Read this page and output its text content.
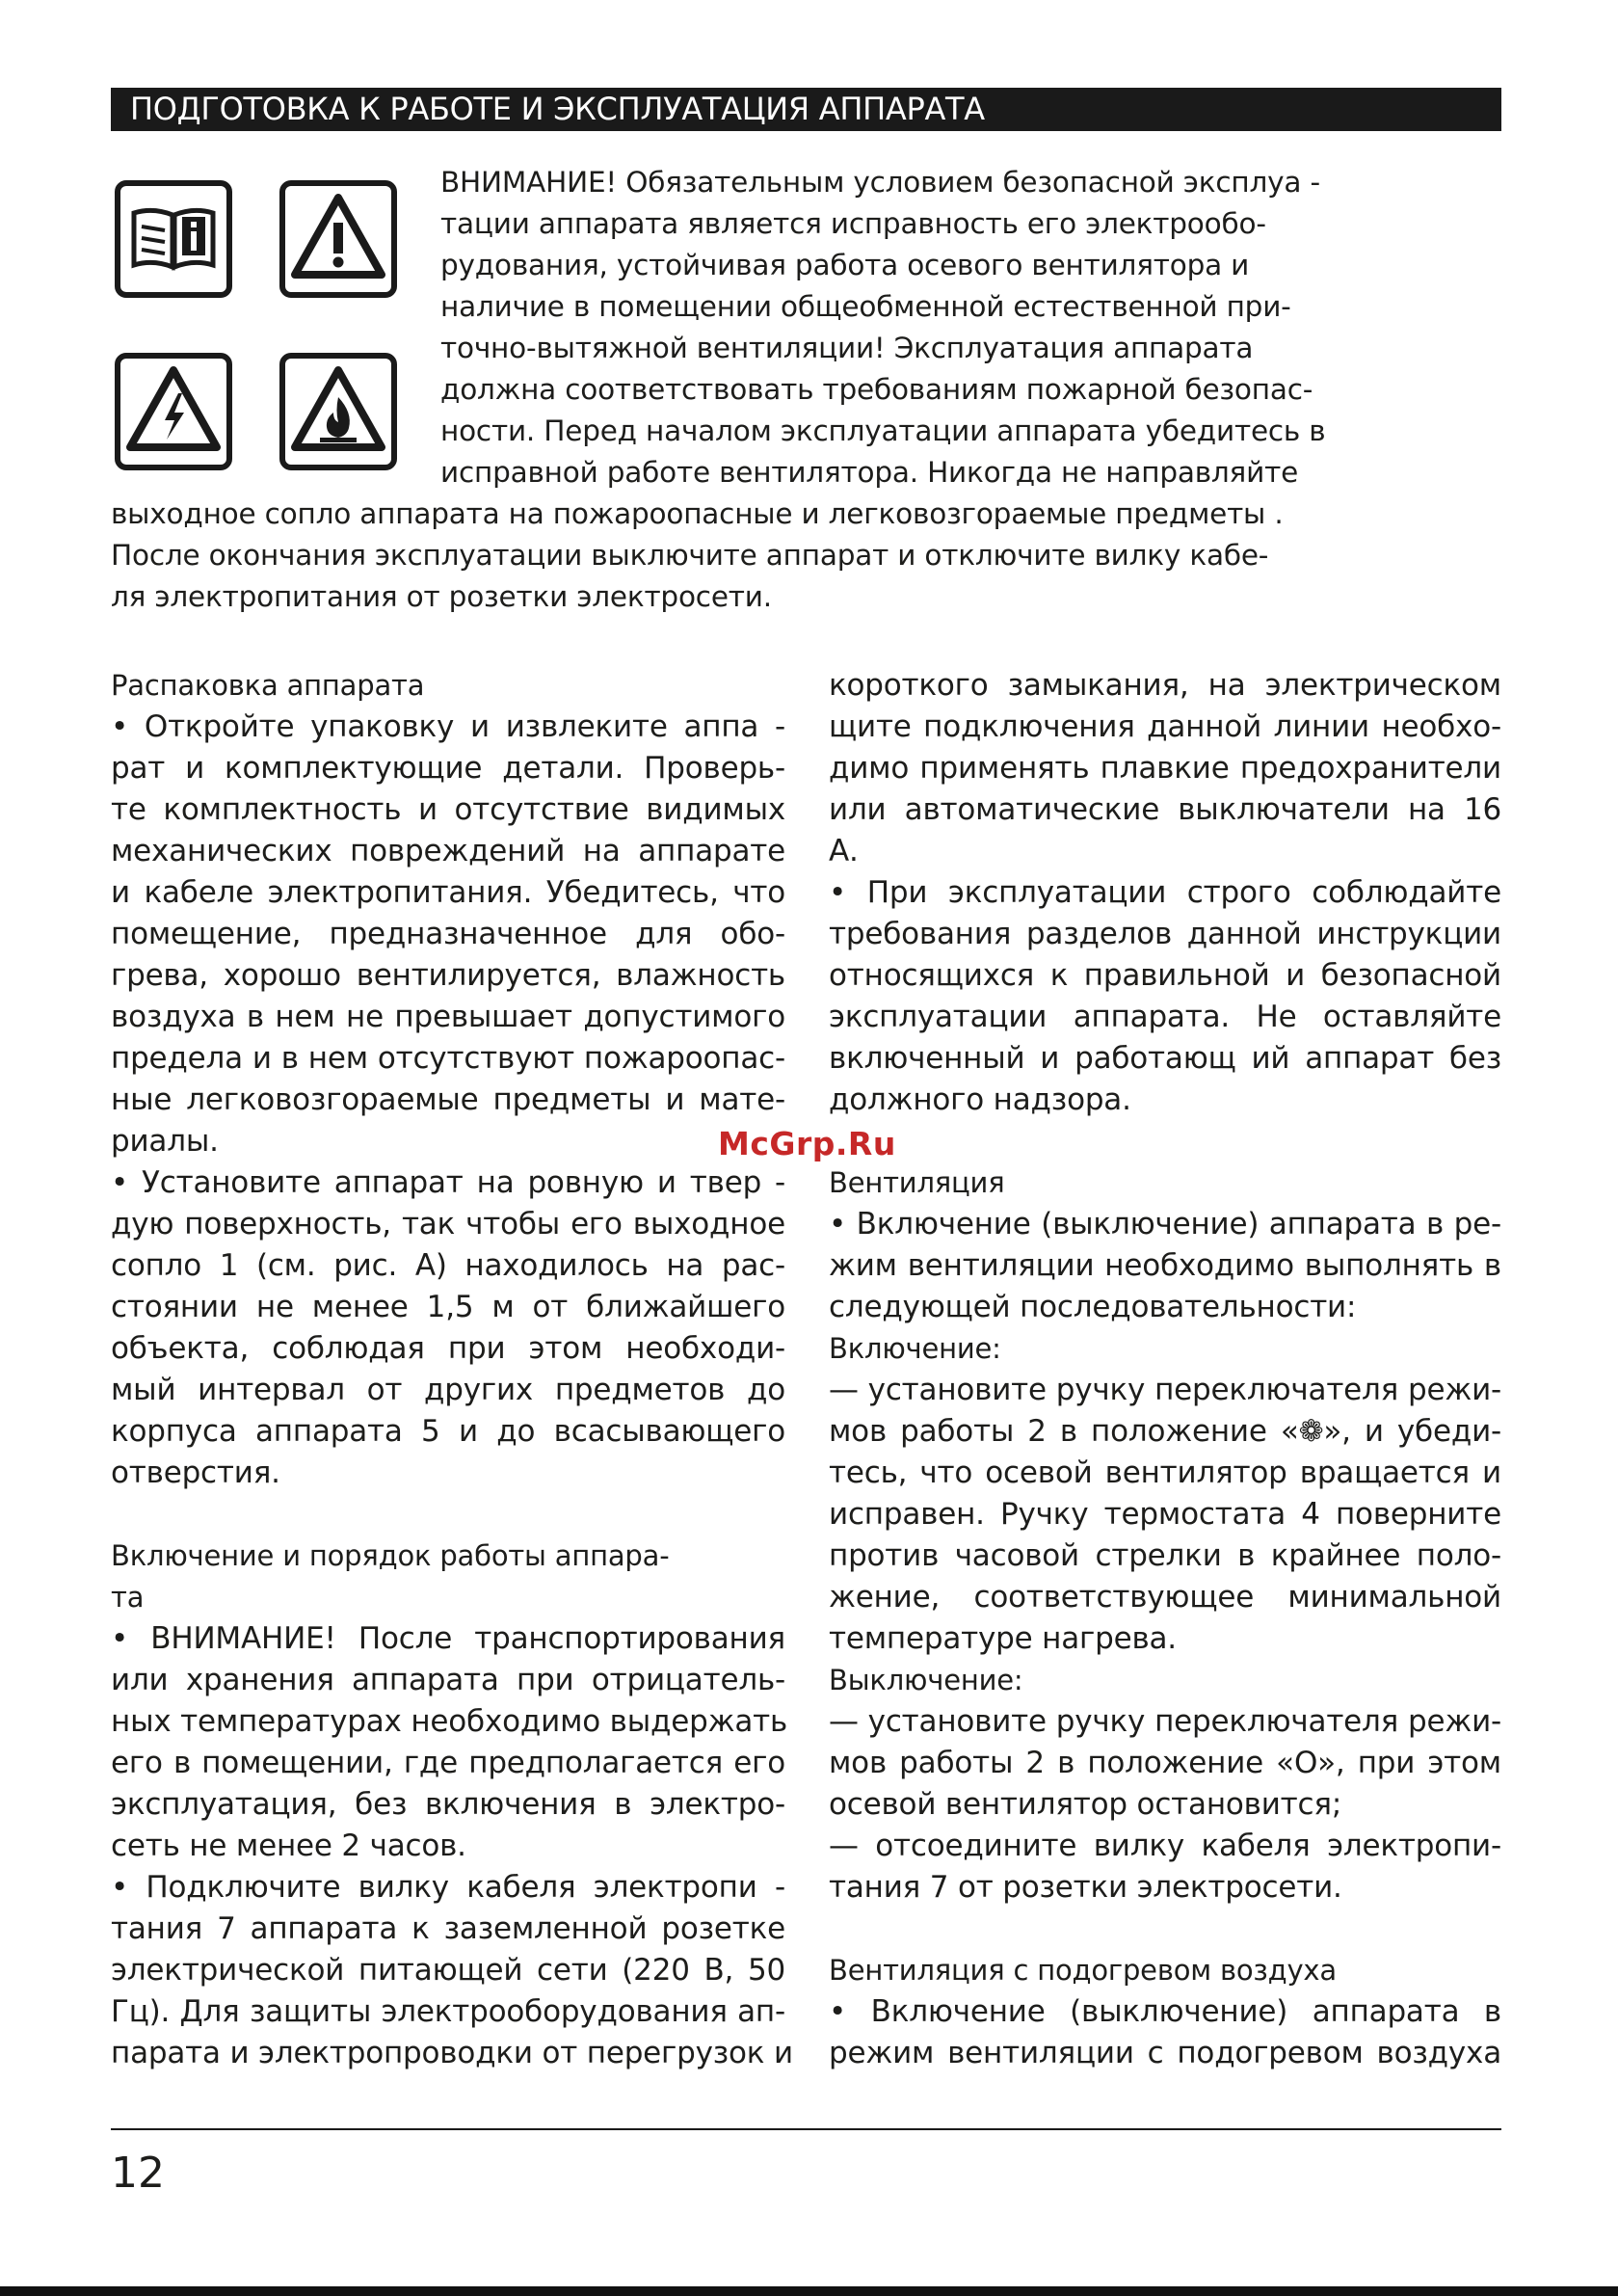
ПОДГОТОВКА К РАБОТЕ И ЭКСПЛУАТАЦИЯ АППАРАТА
ВНИМАНИЕ! Обязательным условием безопасной эксплуа -
тации аппарата является исправность его электрообо-
рудования, устойчивая работа осевого вентилятора и
наличие в помещении общеобменной естественной при-
точно-вытяжной вентиляции! Эксплуатация аппарата
должна соответствовать требованиям пожарной безопас-
ности. Перед началом эксплуатации аппарата убедитесь в
исправной работе вентилятора. Никогда не направляйте
выходное сопло аппарата на пожароопасные и легковозгораемые предметы .
После окончания эксплуатации выключите аппарат и отключите вилку кабе-
ля электропитания от розетки электросети.
Распаковка аппарата
• Откройте упаковку и извлеките аппа -
рат и комплектующие детали. Проверь-
те комплектность и отсутствие видимых
механических повреждений на аппарате
и кабеле электропитания. Убедитесь, что
помещение, предназначенное для обо-
грева, хорошо вентилируется, влажность
воздуха в нем не превышает допустимого
предела и в нем отсутствуют пожароопас-
ные легковозгораемые предметы и мате-
риалы.
• Установите аппарат на ровную и твер -
дую поверхность, так чтобы его выходное
сопло 1 (см. рис. А) находилось на рас-
стоянии не менее 1,5 м от ближайшего
объекта, соблюдая при этом необходи-
мый интервал от других предметов до
корпуса аппарата 5 и до всасывающего
отверстия.
Включение и порядок работы аппара-
та
• ВНИМАНИЕ! После транспортирования
или хранения аппарата при отрицатель-
ных температурах необходимо выдержать
его в помещении, где предполагается его
эксплуатация, без включения в электро-
сеть не менее 2 часов.
• Подключите вилку кабеля электропи -
тания 7 аппарата к заземленной розетке
электрической питающей сети (220 В, 50
Гц). Для защиты электрооборудования ап-
парата и электропроводки от перегрузок и
короткого замыкания, на электрическом
щите подключения данной линии необхо-
димо применять плавкие предохранители
или автоматические выключатели на 16
А.
• При эксплуатации строго соблюдайте
требования разделов данной инструкции
относящихся к правильной и безопасной
эксплуатации аппарата. Не оставляйте
включенный и работающ ий аппарат без
должного надзора.
Вентиляция
• Включение (выключение) аппарата в ре-
жим вентиляции необходимо выполнять в
следующей последовательности:
Включение:
— установите ручку переключателя режи-
мов работы 2 в положение «❁», и убеди-
тесь, что осевой вентилятор вращается и
исправен. Ручку термостата 4 поверните
против часовой стрелки в крайнее поло-
жение, соответствующее минимальной
температуре нагрева.
Выключение:
— установите ручку переключателя режи-
мов работы 2 в положение «О», при этом
осевой вентилятор остановится;
— отсоедините вилку кабеля электропи-
тания 7 от розетки электросети.
Вентиляция с подогревом воздуха
• Включение (выключение) аппарата в
режим вентиляции с подогревом воздуха
McGrp.Ru
12
